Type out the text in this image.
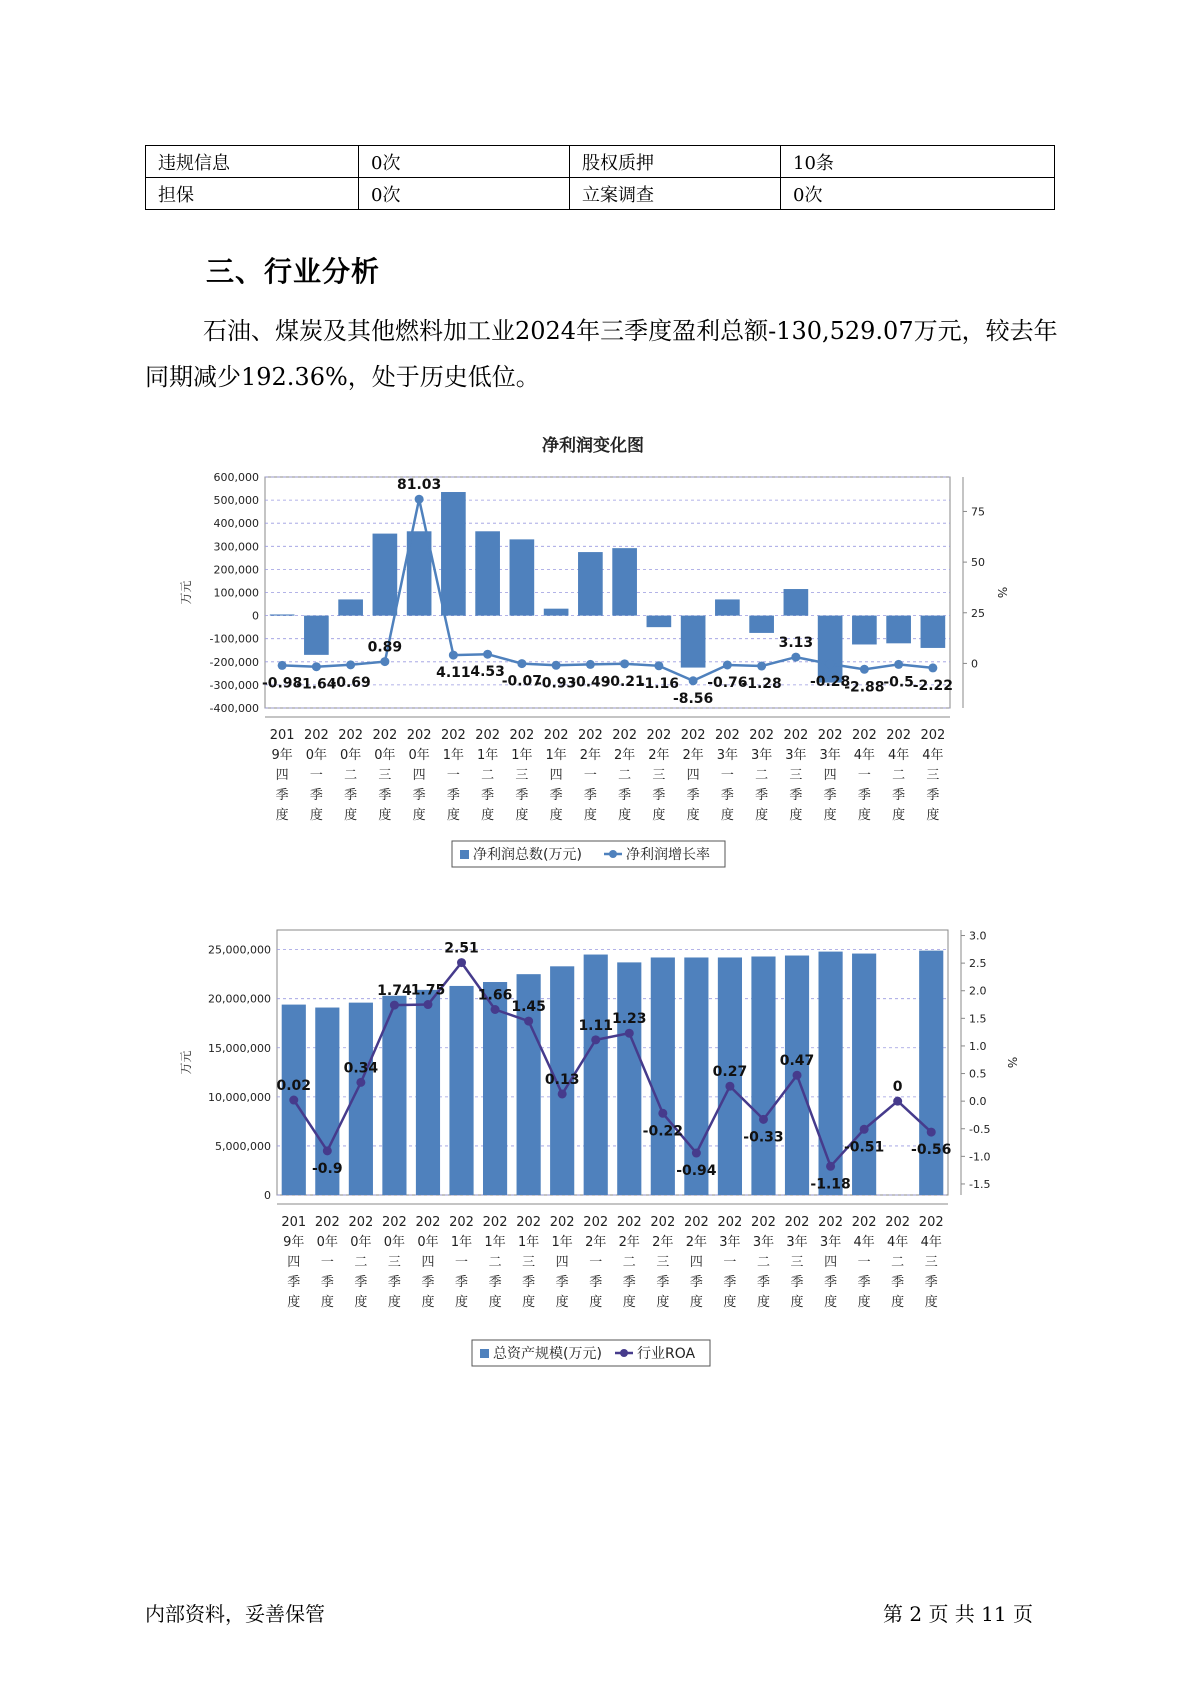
违规信息	0次	股权质押	10条
担保	0次	立案调查	0次
三、行业分析
石油、煤炭及其他燃料加工业2024年三季度盈利总额-130,529.07万元，较去年同期减少192.36%，处于历史低位。
净利润变化图
600,000
500,000
400,000
300,000
200,000
100,000
0
-100,000
-200,000
-300,000
-400,000
75
50
25
0
万元	%
-0.98
-1.64
-0.69
0.89
81.03
4.11 4.53
-0.07
-0.93
-0.49
-0.21
-1.16
-8.56
-0.76
-1.28
3.13
-0.28
-2.88
-0.5
-2.22
201
9年
四
季
度
202
0年
一
季
度
202
0年
二
季
度
202
0年
三
季
度
202
0年
四
季
度
202
1年
一
季
度
202
1年
二
季
度
202
1年
三
季
度
202
1年
四
季
度
202
2年
一
季
度
202
2年
二
季
度
202
2年
三
季
度
202
2年
四
季
度
202
3年
一
季
度
202
3年
二
季
度
202
3年
三
季
度
202
3年
四
季
度
202
4年
一
季
度
202
4年
二
季
度
202
4年
三
季
度
净利润总数(万元)	净利润增长率
25,000,000
20,000,000
15,000,000
10,000,000
5,000,000
0
3.0
2.5
2.0
1.5
1.0
0.5
0.0
-0.5
-1.0
-1.5
万元	%
0.02
-0.9
0.34
1.74 1.75
2.51
1.66
1.45
0.13
1.11 1.23
-0.22
-0.94
0.27
-0.33
0.47
-1.18
-0.51
0
-0.56
201
9年
四
季
度
202
0年
一
季
度
202
0年
二
季
度
202
0年
三
季
度
202
0年
四
季
度
202
1年
一
季
度
202
1年
二
季
度
202
1年
三
季
度
202
1年
四
季
度
202
2年
一
季
度
202
2年
二
季
度
202
2年
三
季
度
202
2年
四
季
度
202
3年
一
季
度
202
3年
二
季
度
202
3年
三
季
度
202
3年
四
季
度
202
4年
一
季
度
202
4年
二
季
度
202
4年
三
季
度
总资产规模(万元)	行业ROA
内部资料，妥善保管	第 2 页 共 11 页
